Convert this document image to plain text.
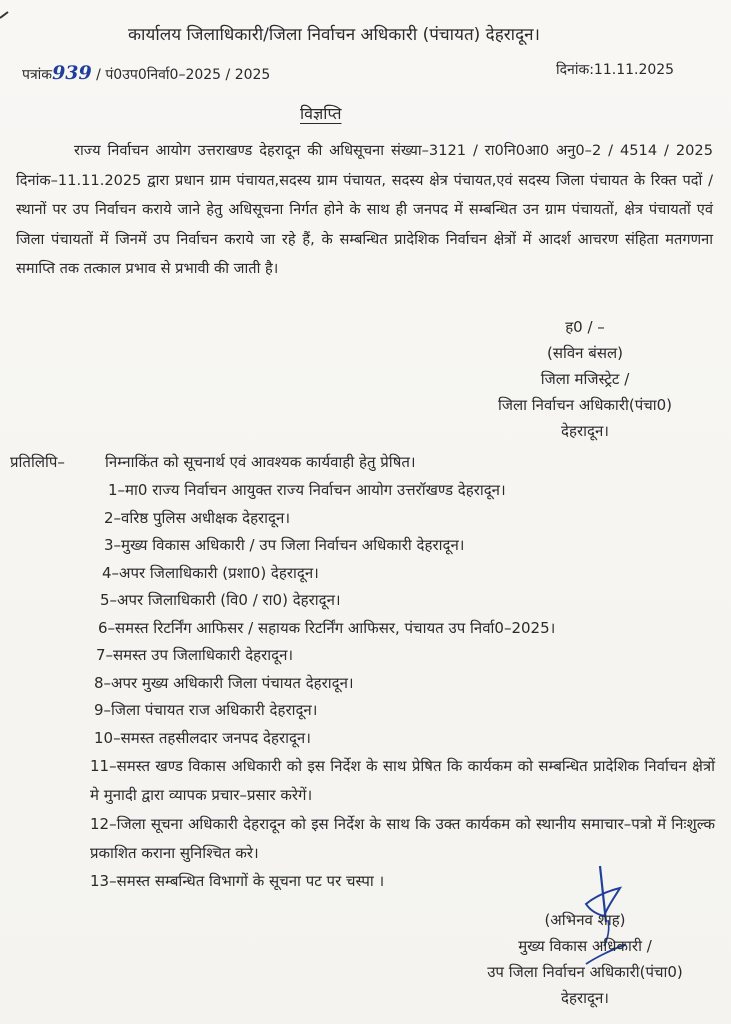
कार्यालय जिलाधिकारी/जिला निर्वाचन अधिकारी (पंचायत) देहरादून।
पत्रांक939 / पं0उप0निर्वा0–2025 / 2025	दिनांक:11.11.2025
विज्ञप्ति
राज्य निर्वाचन आयोग उत्तराखण्ड देहरादून की अधिसूचना संख्या–3121 / रा0नि0आ0 अनु0–2 / 4514 / 2025 दिनांक–11.11.2025 द्वारा प्रधान ग्राम पंचायत,सदस्य ग्राम पंचायत, सदस्य क्षेत्र पंचायत,एवं सदस्य जिला पंचायत के रिक्त पदों / स्थानों पर उप निर्वाचन कराये जाने हेतु अधिसूचना निर्गत होने के साथ ही जनपद में सम्बन्धित उन ग्राम पंचायतों, क्षेत्र पंचायतों एवं जिला पंचायतों में जिनमें उप निर्वाचन कराये जा रहे हैं, के सम्बन्धित प्रादेशिक निर्वाचन क्षेत्रों में आदर्श आचरण संहिता मतगणना समाप्ति तक तत्काल प्रभाव से प्रभावी की जाती है।
ह0 / –
(सविन बंसल)
जिला मजिस्ट्रेट /
जिला निर्वाचन अधिकारी(पंचा0)
देहरादून।
प्रतिलिपि–	निम्नाकिंत को सूचनार्थ एवं आवश्यक कार्यवाही हेतु प्रेषित।
1–मा0 राज्य निर्वाचन आयुक्त राज्य निर्वाचन आयोग उत्तरॉखण्ड देहरादून।
2–वरिष्ठ पुलिस अधीक्षक देहरादून।
3–मुख्य विकास अधिकारी / उप जिला निर्वाचन अधिकारी देहरादून।
4–अपर जिलाधिकारी (प्रशा0) देहरादून।
5–अपर जिलाधिकारी (वि0 / रा0) देहरादून।
6–समस्त रिटर्निंग आफिसर / सहायक रिटर्निंग आफिसर, पंचायत उप निर्वा0–2025।
7–समस्त उप जिलाधिकारी देहरादून।
8–अपर मुख्य अधिकारी जिला पंचायत देहरादून।
9–जिला पंचायत राज अधिकारी देहरादून।
10–समस्त तहसीलदार जनपद देहरादून।
11–समस्त खण्ड विकास अधिकारी को इस निर्देश के साथ प्रेषित कि कार्यकम को सम्बन्धित प्रादेशिक निर्वाचन क्षेत्रों मे मुनादी द्वारा व्यापक प्रचार–प्रसार करेगें।
12–जिला सूचना अधिकारी देहरादून को इस निर्देश के साथ कि उक्त कार्यकम को स्थानीय समाचार–पत्रो में निःशुल्क प्रकाशित कराना सुनिश्चित करे।
13–समस्त सम्बन्धित विभागों के सूचना पट पर चस्पा ।
(अभिनव शाह)
मुख्य विकास अधिकारी /
उप जिला निर्वाचन अधिकारी(पंचा0)
देहरादून।
